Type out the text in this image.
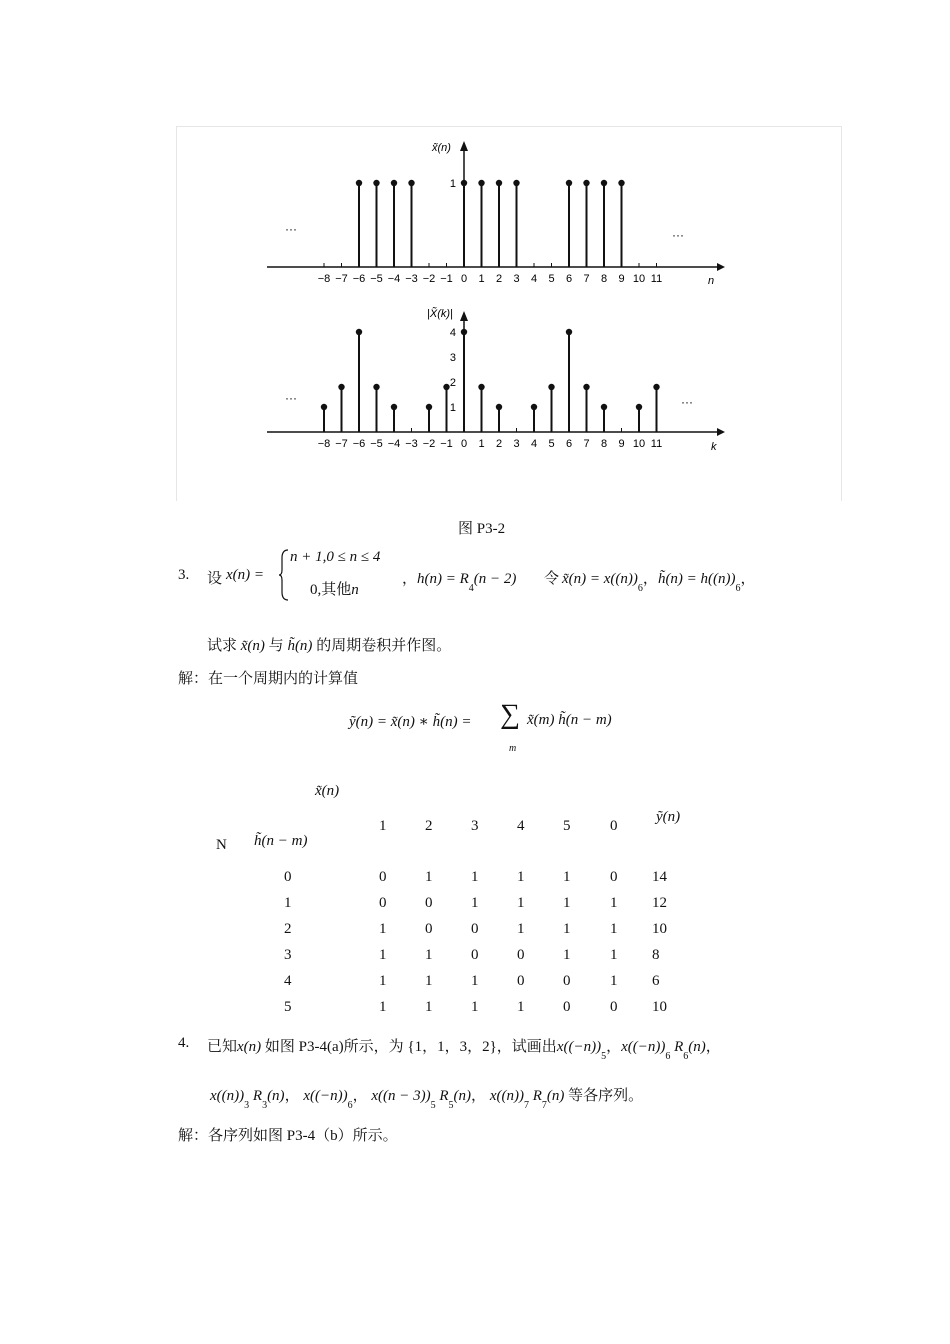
x̃(n)
n
···	···
−8 −7 −6 −5 −4 −3 −2 −1 0 1 2 3 4 5 6 7 8 9 10 11
1
|X̃(k)|
k
···	···
−8 −7 −6 −5 −4 −3 −2 −1 0 1 2 3 4 5 6 7 8 9 10 11
1
2
3
4
图 P3-2
3. 设 x(n) =
n + 1,0 ≤ n ≤ 4
0,其他n
，$h(n) = R_4(n - 2)$ 令 x̃(n) = $x((n))_6$，h̃(n) = $h((n))_6$，
试求 x̃(n) 与 h̃(n) 的周期卷积并作图。
解：在一个周期内的计算值
ỹ(n) = x̃(n) ∗ h̃(n) = ∑
m
x̃(m) h̃(n − m)
x̃(n)
N h̃(n − m)
ỹ(n)
1	2	3	4	5	0
0	0	1	1	1	1	0 14
1	0	0	1	1	1	1 12
2	1	0	0	1	1	1 10
3	1	1	0	0	1	1 8
4	1	1	1	0	0	1 6
5	1	1	1	1	0	0 10
4. 已知x(n) 如图 P3-4(a)所示，为 {1，1，3，2}，试画出$x((-n))_5$，$x((-n))_6$ $R_6(n)$，
$x((n))_3$ $R_3(n)$， $x((-n))_6$， $x((n - 3))_5$ $R_5(n)$， $x((n))_7$ $R_7(n)$ 等各序列。
解：各序列如图 P3-4（b）所示。
